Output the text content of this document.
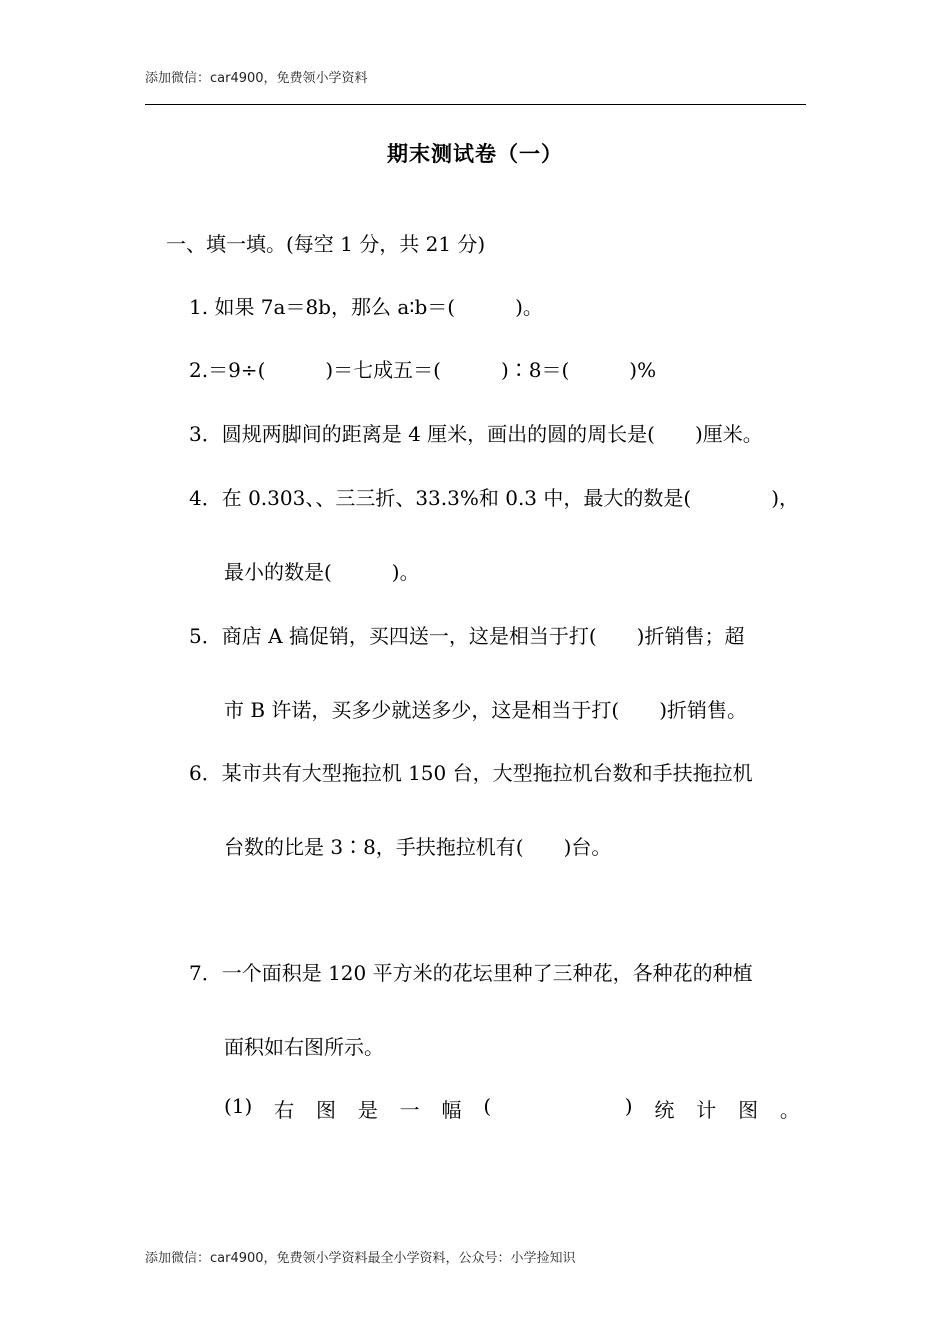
添加微信：car4900，免费领小学资料
期末测试卷（一）
一、填一填。(每空 1 分，共 21 分)
1. 如果 7a＝8b，那么 a∶b＝(　　　)。
2.＝9÷(　　　)＝七成五＝(　　　)∶8＝(　　　)%
3．圆规两脚间的距离是 4 厘米，画出的圆的周长是(　　)厘米。
4．在 0.303、、三三折、33.3%和 0.3 中，最大的数是(　　　　)，
最小的数是(　　　)。
5．商店 A 搞促销，买四送一，这是相当于打(　　)折销售；超
市 B 许诺，买多少就送多少，这是相当于打(　　)折销售。
6．某市共有大型拖拉机 150 台，大型拖拉机台数和手扶拖拉机
台数的比是 3∶8，手扶拖拉机有(　　)台。
7．一个面积是 120 平方米的花坛里种了三种花，各种花的种植
面积如右图所示。
(1) 右 图 是 一 幅 (	) 统 计 图 。
添加微信：car4900，免费领小学资料最全小学资料，公众号：小学捡知识
